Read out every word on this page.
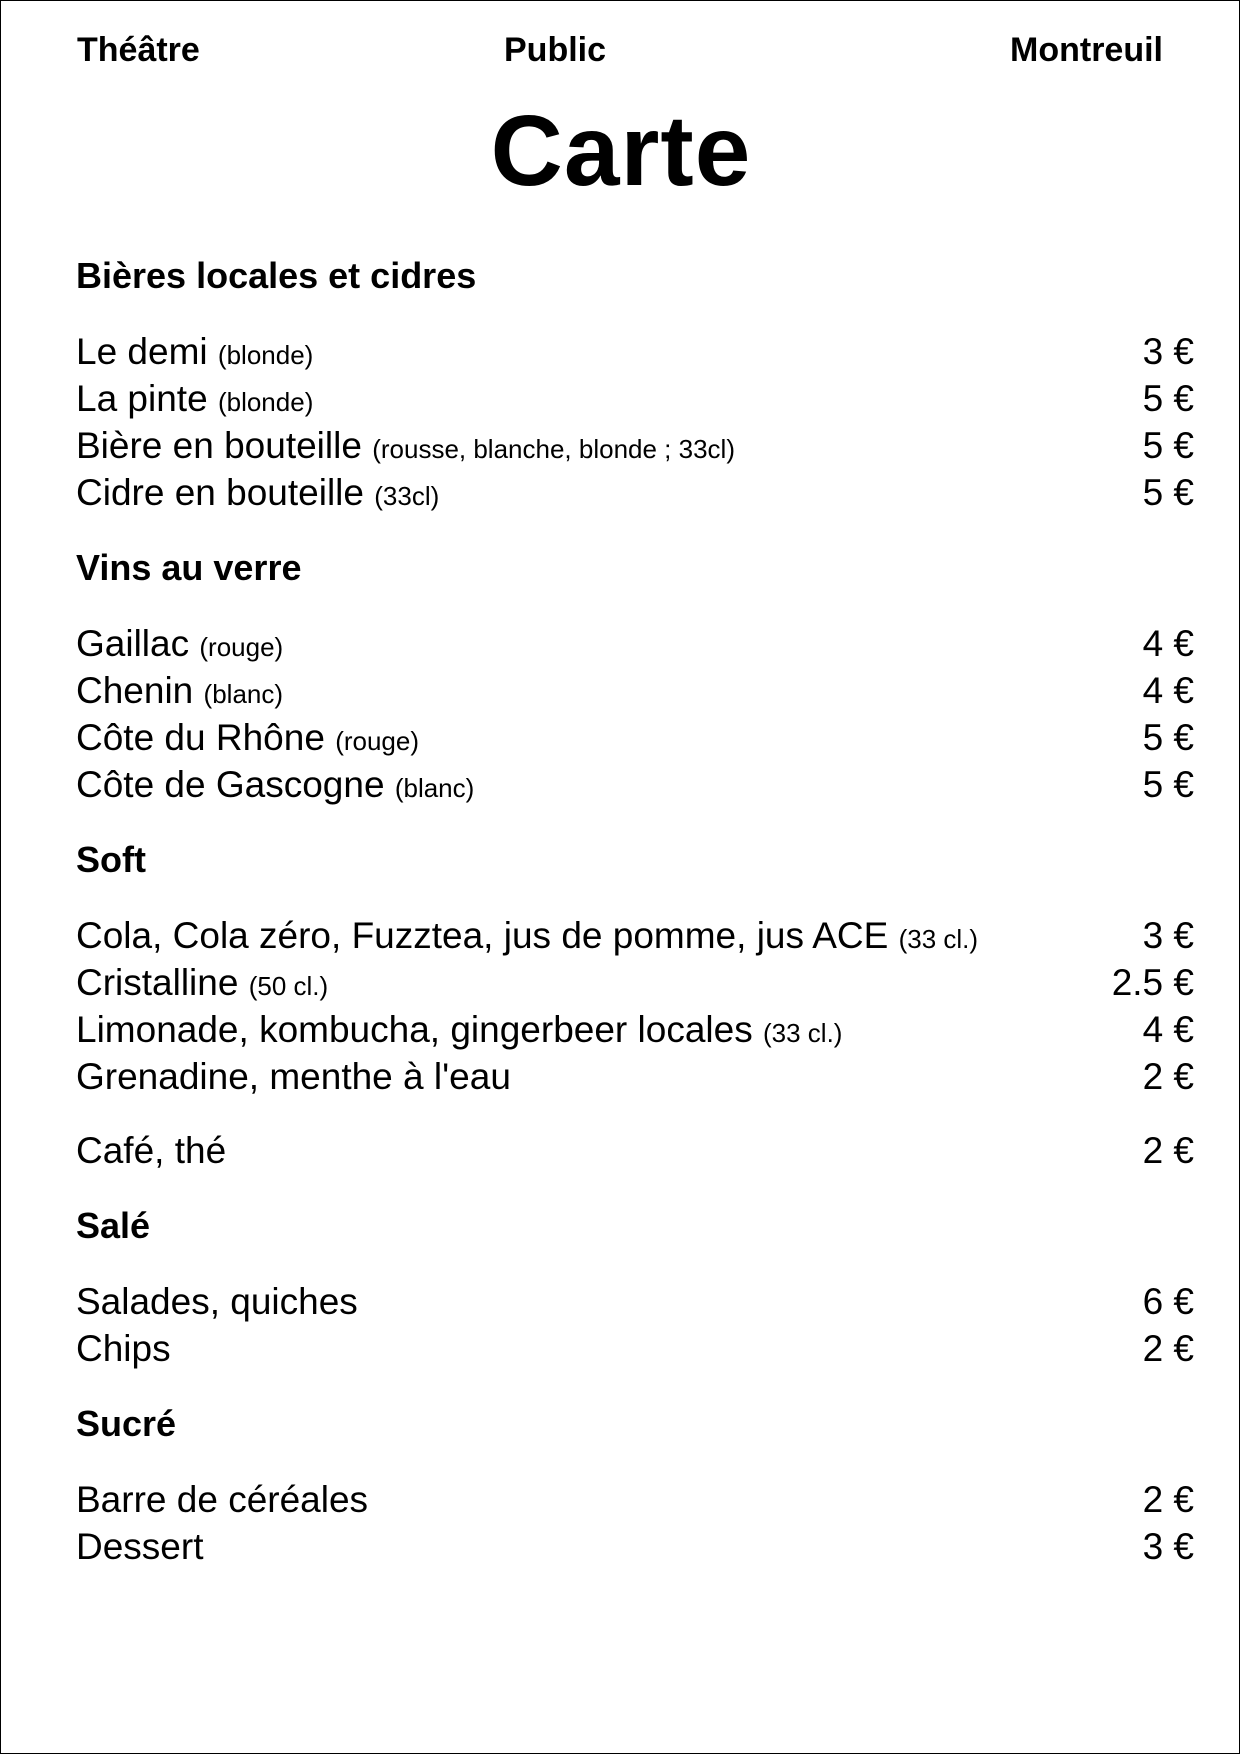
Théâtre	Public	Montreuil
Carte
Bières locales et cidres
Le demi (blonde)	3 €
La pinte (blonde)	5 €
Bière en bouteille (rousse, blanche, blonde ; 33cl)	5 €
Cidre en bouteille (33cl)	5 €
Vins au verre
Gaillac (rouge)	4 €
Chenin (blanc)	4 €
Côte du Rhône (rouge)	5 €
Côte de Gascogne (blanc)	5 €
Soft
Cola, Cola zéro, Fuzztea, jus de pomme, jus ACE (33 cl.)	3 €
Cristalline (50 cl.)	2.5 €
Limonade, kombucha, gingerbeer locales (33 cl.)	4 €
Grenadine, menthe à l'eau	2 €
Café, thé	2 €
Salé
Salades, quiches	6 €
Chips	2 €
Sucré
Barre de céréales	2 €
Dessert	3 €
